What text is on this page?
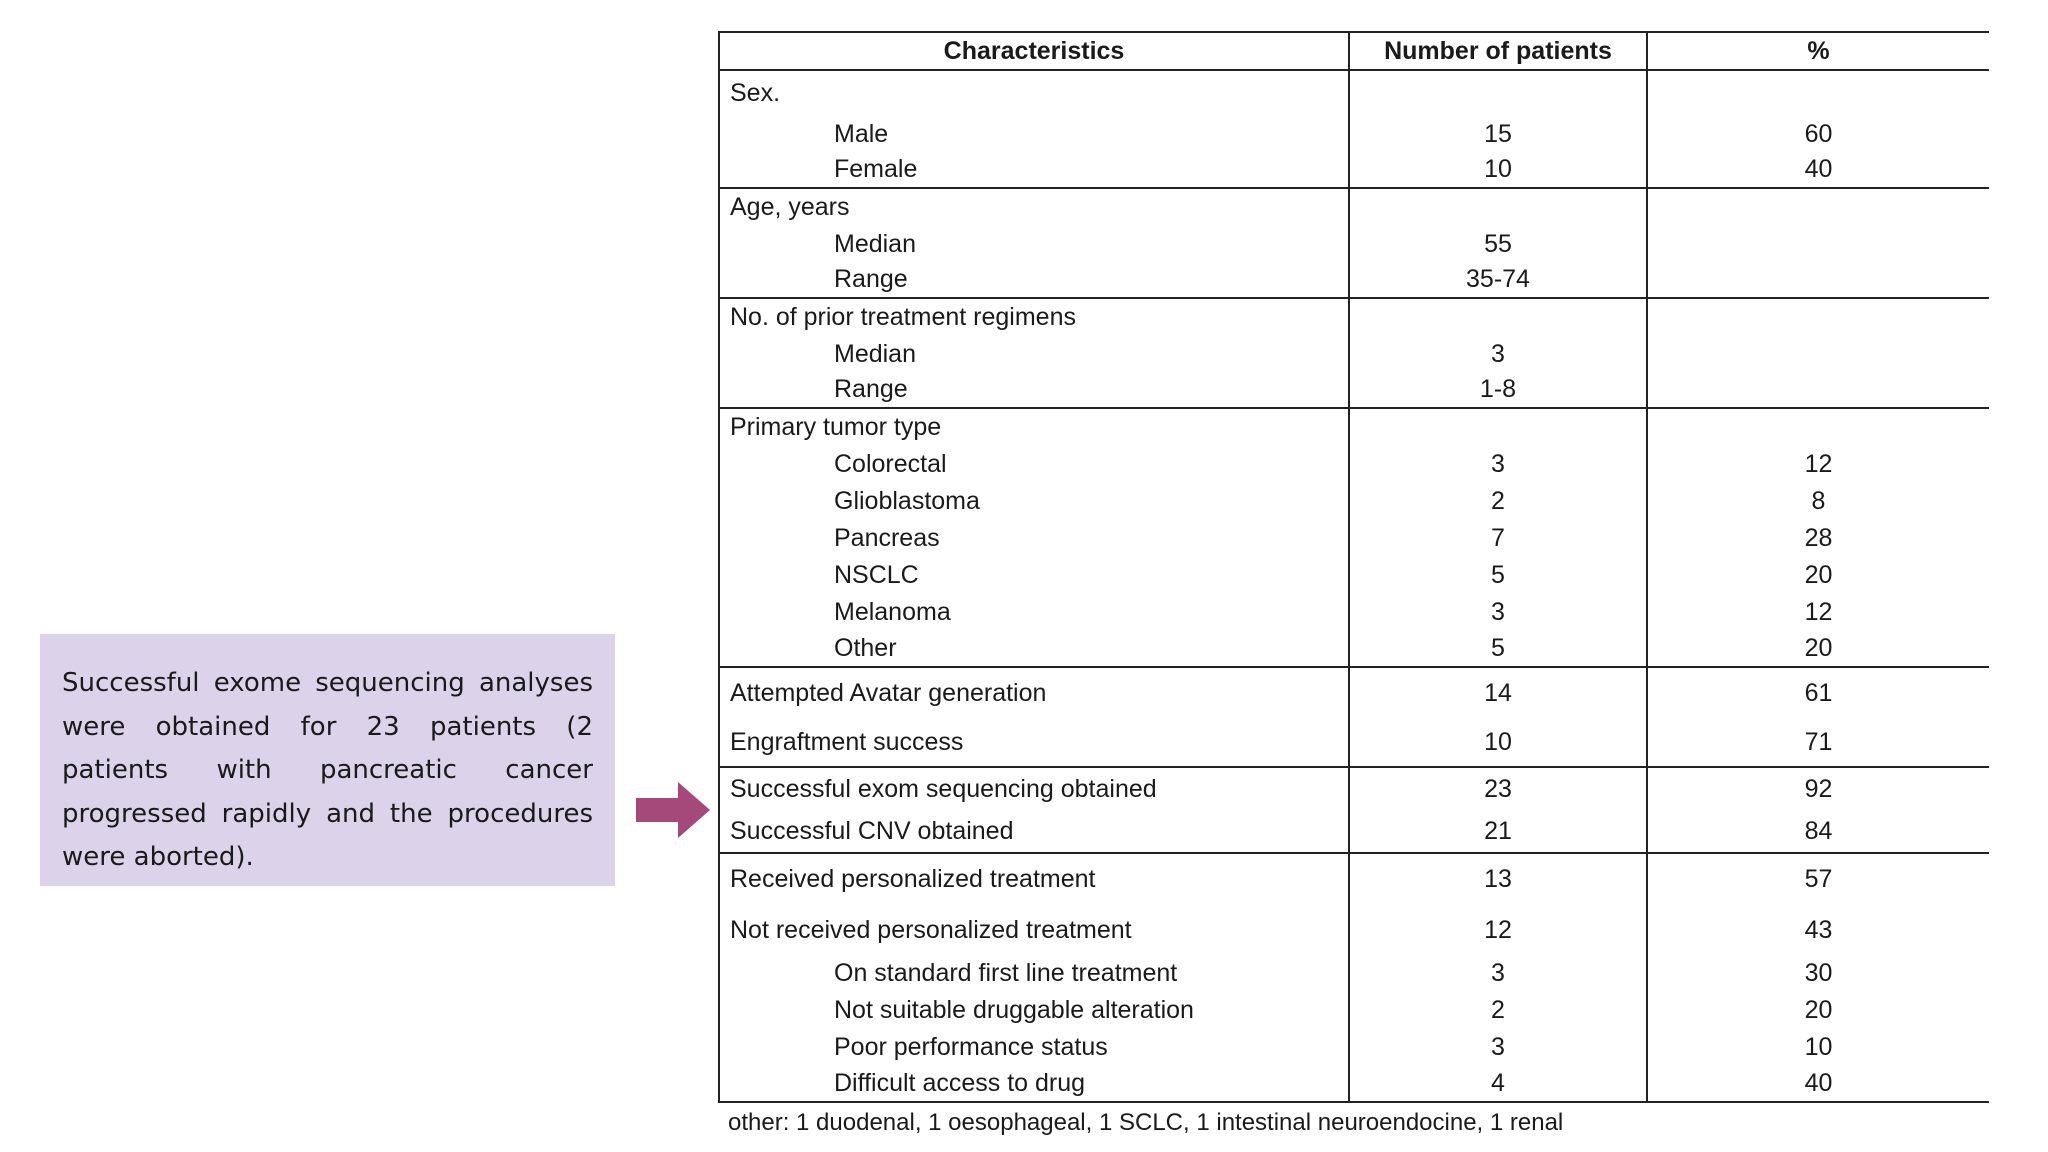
Successful exome sequencing analyses were obtained for 23 patients (2 patients with pancreatic cancer progressed rapidly and the procedures were aborted).
Characteristics	Number of patients	%
Sex.		
Male	15	60
Female	10	40
Age, years		
Median	55	
Range	35-74	
No. of prior treatment regimens		
Median	3	
Range	1-8	
Primary tumor type		
Colorectal	3	12
Glioblastoma	2	8
Pancreas	7	28
NSCLC	5	20
Melanoma	3	12
Other	5	20
Attempted Avatar generation	14	61
Engraftment success	10	71
Successful exom sequencing obtained	23	92
Successful CNV obtained	21	84
Received personalized treatment	13	57
Not received personalized treatment	12	43
On standard first line treatment	3	30
Not suitable druggable alteration	2	20
Poor performance status	3	10
Difficult access to drug	4	40
other: 1 duodenal, 1 oesophageal, 1 SCLC, 1 intestinal neuroendocine, 1 renal
